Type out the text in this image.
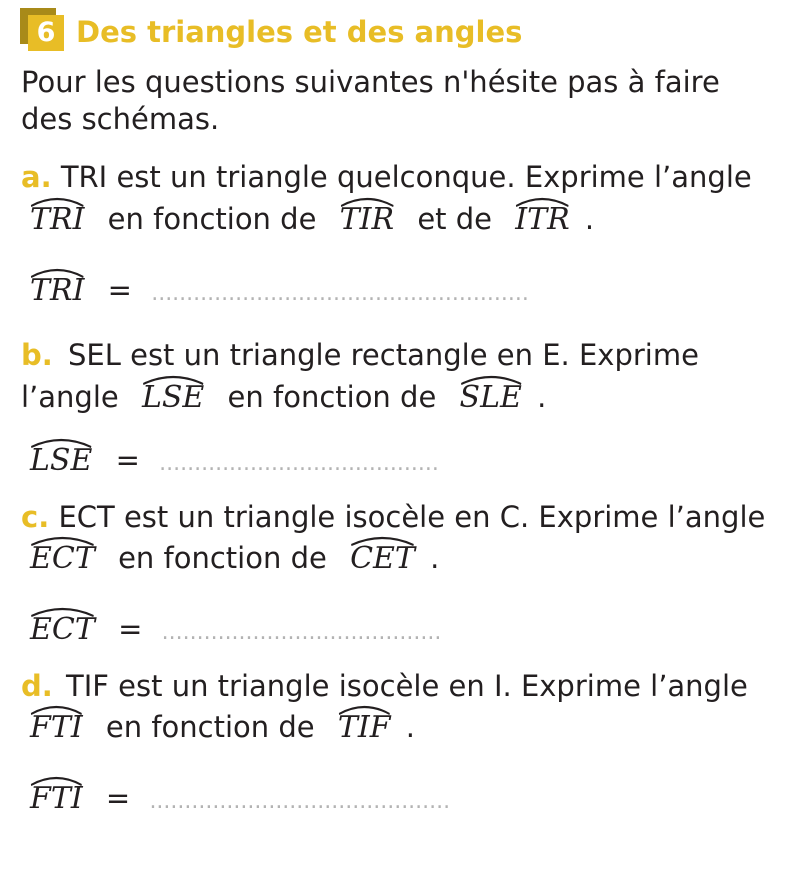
6 Des triangles et des angles
Pour les questions suivantes n'hésite pas à faire
des schémas.
a. TRI est un triangle quelconque. Exprime l’angle
TRI en fonction de TIR et de ITR .
TRI = ......................................................
b. SEL est un triangle rectangle en E. Exprime
l’angle LSE en fonction de SLE .
LSE = ........................................
c. ECT est un triangle isocèle en C. Exprime l’angle
ECT en fonction de CET .
ECT = ........................................
d. TIF est un triangle isocèle en I. Exprime l’angle
FTI en fonction de TIF .
FTI = ...........................................
